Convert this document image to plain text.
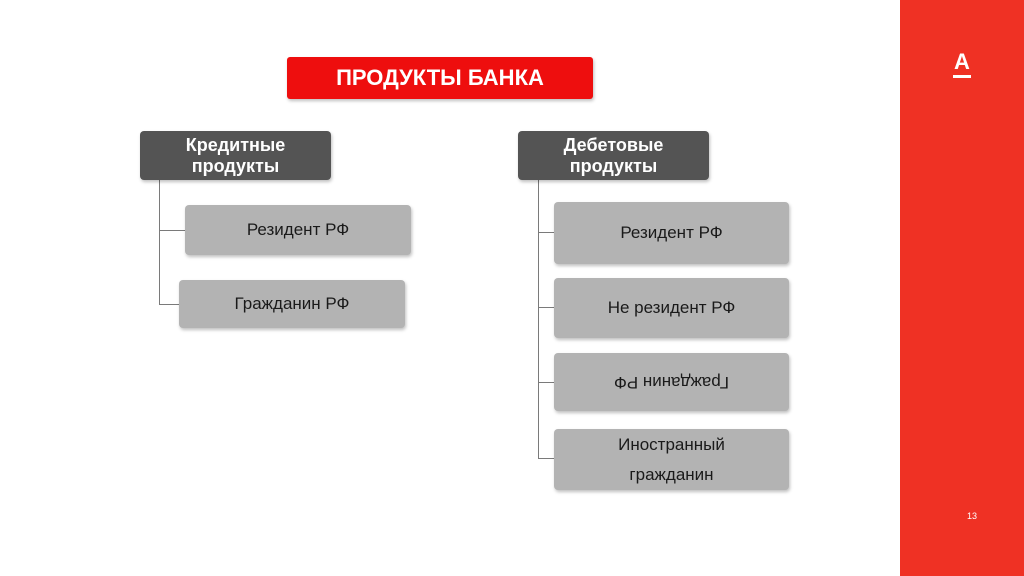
А
13
ПРОДУКТЫ БАНКА
Кредитные
продукты
Резидент РФ
Гражданин РФ
Дебетовые
продукты
Резидент РФ
Не резидент РФ
Гражданин РФ
Иностранный
гражданин
